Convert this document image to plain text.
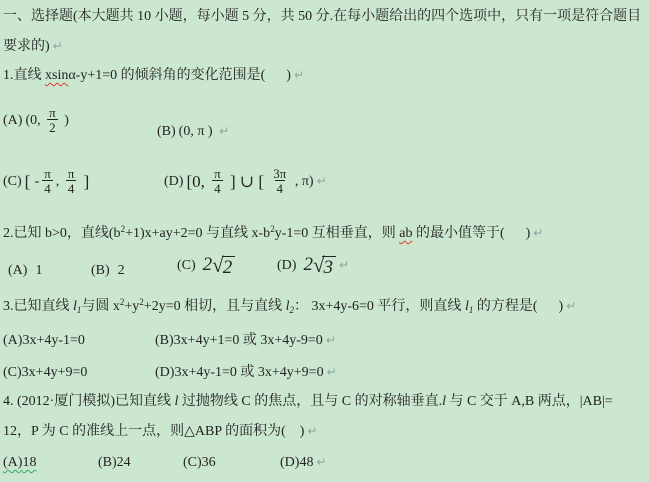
一、选择题(本大题共 10 小题，每小题 5 分，共 50 分.在每小题给出的四个选项中，只有一项是符合题目
要求的) ↵
1.直线 xsinα-y+1=0 的倾斜角的变化范围是(      ) ↵
(A) (0, $\frac{\pi}{2}$ )
(B) (0, π ) ↵
(C) [ - $\frac{\pi}{4}$ , $\frac{\pi}{4}$ ]	(D) [0, $\frac{\pi}{4}$ ] ∪ [ $\frac{3\pi}{4}$ , π) ↵
2.已知 b>0，直线$(b^2+1)x+ay+2=0$ 与直线 $x-b^2y-1=0$ 互相垂直，则 ab 的最小值等于(      ) ↵
(A) 1	(B) 2	(C) 2 √ 2	(D) 2 √ 3 ↵
3.已知直线 $l_1$与圆 $x^2+y^2+2y=0$ 相切，且与直线 $l_2$： 3x+4y-6=0 平行，则直线 $l_1$ 的方程是(      ) ↵
(A)3x+4y-1=0	(B)3x+4y+1=0 或 3x+4y-9=0 ↵
(C)3x+4y+9=0	(D)3x+4y-1=0 或 3x+4y+9=0 ↵
4. (2012·厦门模拟)已知直线 l 过抛物线 C 的焦点，且与 C 的对称轴垂直.l 与 C 交于 A,B 两点，|AB|=
12，P 为 C 的准线上一点，则△ABP 的面积为(    ) ↵
(A)18	(B)24	(C)36	(D)48 ↵
